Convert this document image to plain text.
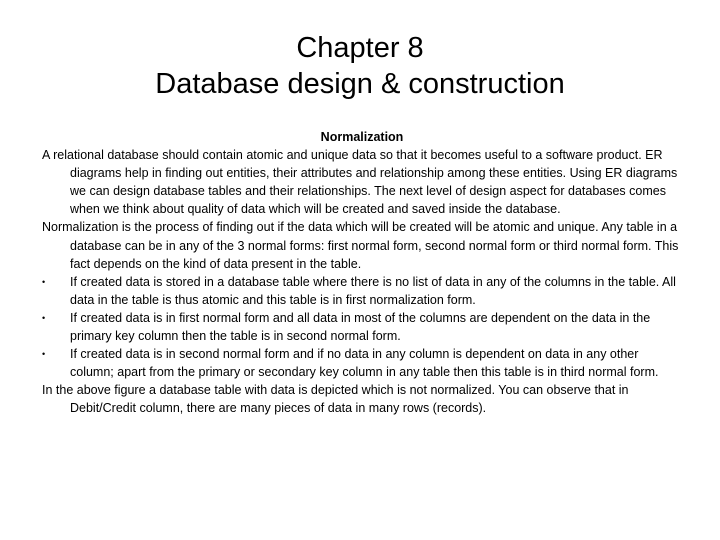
Chapter 8
Database design & construction

Normalization

A relational database should contain atomic and unique data so that it becomes useful to a software product. ER diagrams help in finding out entities, their attributes and relationship among these entities. Using ER diagrams we can design database tables and their relationships. The next level of design aspect for databases comes when we think about quality of data which will be created and saved inside the database.

Normalization is the process of finding out if the data which will be created will be atomic and unique. Any table in a database can be in any of the 3 normal forms: first normal form, second normal form or third normal form. This fact depends on the kind of data present in the table.

•	If created data is stored in a database table where there is no list of data in any of the columns in the table. All data in the table is thus atomic and this table is in first normalization form.
•	If created data is in first normal form and all data in most of the columns are dependent on the data in the primary key column then the table is in second normal form.
•	If created data is in second normal form and if no data in any column is dependent on data in any other column; apart from the primary or secondary key column in any table then this table is in third normal form.

In the above figure a database table with data is depicted which is not normalized. You can observe that in Debit/Credit column, there are many pieces of data in many rows (records).
